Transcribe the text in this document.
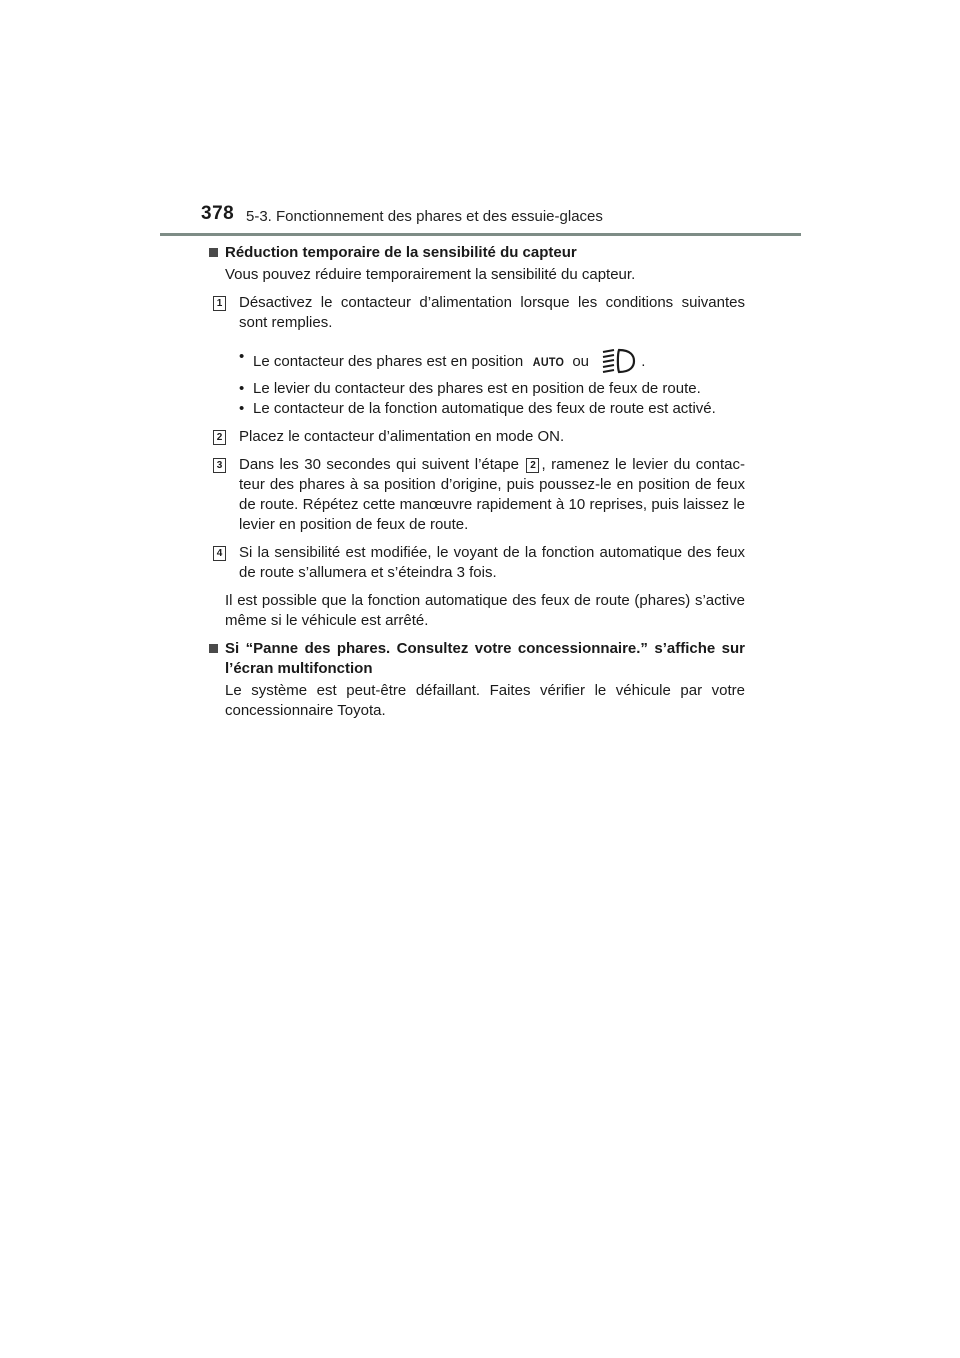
378 5-3. Fonctionnement des phares et des essuie-glaces
Réduction temporaire de la sensibilité du capteur
Vous pouvez réduire temporairement la sensibilité du capteur.
1 Désactivez le contacteur d’alimentation lorsque les conditions suivantes sont remplies.
• Le contacteur des phares est en position AUTO ou	.
• Le levier du contacteur des phares est en position de feux de route.
• Le contacteur de la fonction automatique des feux de route est activé.
2 Placez le contacteur d’alimentation en mode ON.
3 Dans les 30 secondes qui suivent l’étape 2 , ramenez le levier du contac-teur des phares à sa position d’origine, puis poussez-le en position de feux de route. Répétez cette manœuvre rapidement à 10 reprises, puis laissez le levier en position de feux de route.
4 Si la sensibilité est modifiée, le voyant de la fonction automatique des feux de route s’allumera et s’éteindra 3 fois.
Il est possible que la fonction automatique des feux de route (phares) s’active même si le véhicule est arrêté.
Si “Panne des phares. Consultez votre concessionnaire.” s’affiche sur l’écran multifonction
Le système est peut-être défaillant. Faites vérifier le véhicule par votre concessionnaire Toyota.
